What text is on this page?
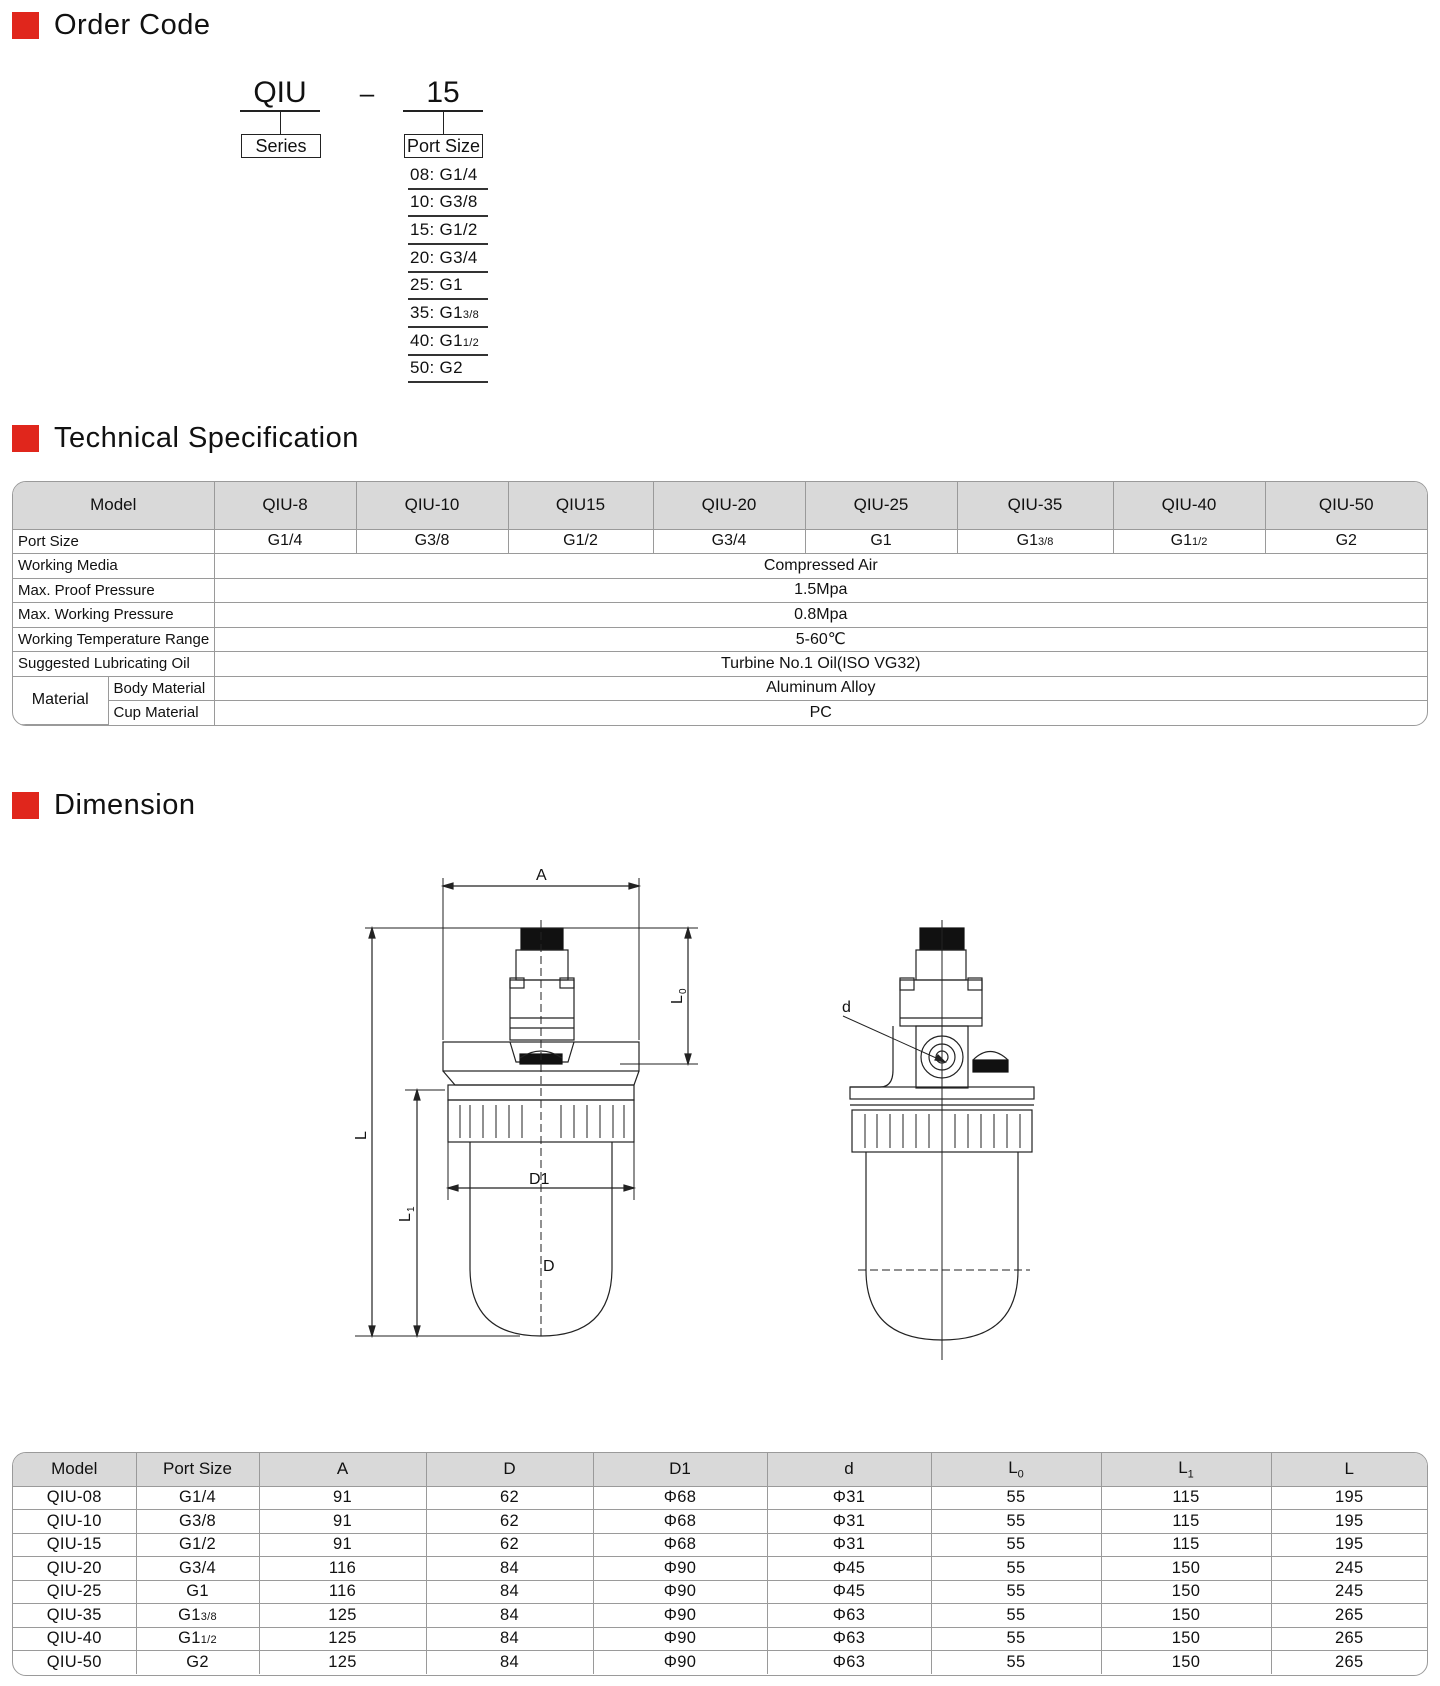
Order Code
QIU
Series
–	15
Port Size
08: G1/4
10: G3/8
15: G1/2
20: G3/4
25: G1
35: G13/8
40: G11/2
50: G2
Technical Specification
Model		QIU-8	QIU-10	QIU15	QIU-20	QIU-25	QIU-35	QIU-40	QIU-50
Port Size		G1/4	G3/8	G1/2	G3/4	G1	G13/8	G11/2	G2
Working Media		Compressed Air							
Max. Proof Pressure		1.5Mpa							
Max. Working Pressure		0.8Mpa							
Working Temperature Range		5-60℃							
Suggested Lubricating Oil		Turbine No.1 Oil(ISO VG32)							
Material	Body Material	Aluminum Alloy							
	Cup Material	PC							
Dimension
A
L
0
L
L
1
D1
D
d
Model	Port Size	A	D	D1	d	$L_0$	$L_1$	L
QIU-08	G1/4	91	62	Φ68	Φ31	55	115	195
QIU-10	G3/8	91	62	Φ68	Φ31	55	115	195
QIU-15	G1/2	91	62	Φ68	Φ31	55	115	195
QIU-20	G3/4	116	84	Φ90	Φ45	55	150	245
QIU-25	G1	116	84	Φ90	Φ45	55	150	245
QIU-35	G13/8	125	84	Φ90	Φ63	55	150	265
QIU-40	G11/2	125	84	Φ90	Φ63	55	150	265
QIU-50	G2	125	84	Φ90	Φ63	55	150	265
